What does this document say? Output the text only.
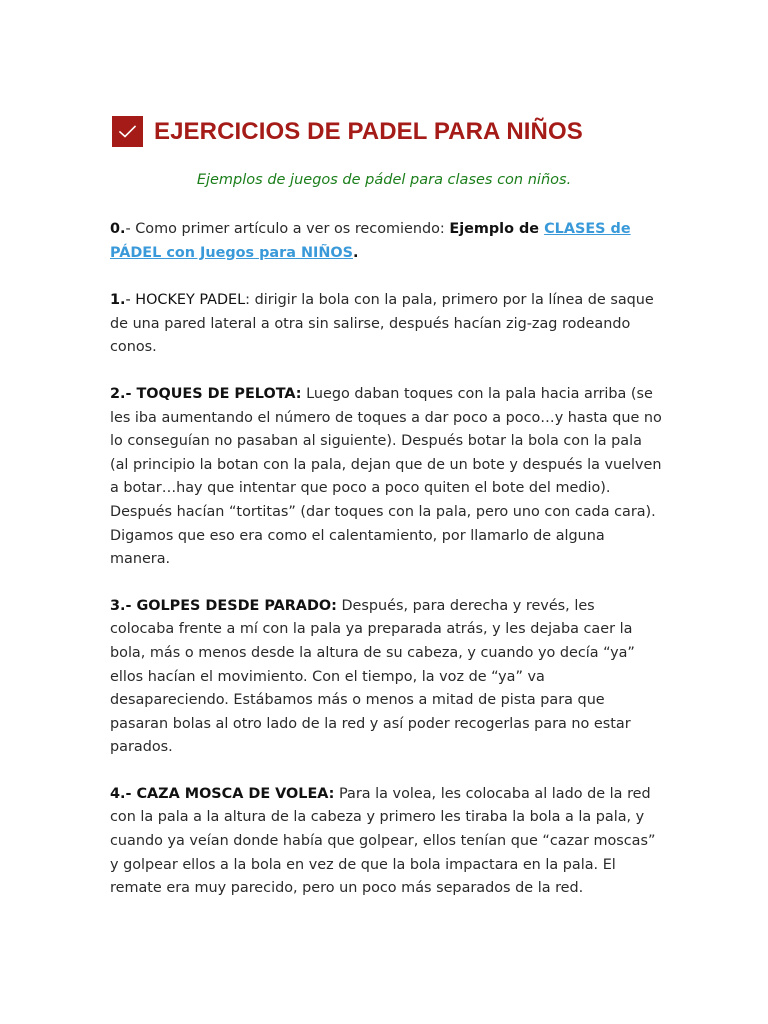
EJERCICIOS DE PADEL PARA NIÑOS
Ejemplos de juegos de pádel para clases con niños.

0.- Como primer artículo a ver os recomiendo: Ejemplo de CLASES de PÁDEL con Juegos para NIÑOS.

1.- HOCKEY PADEL: dirigir la bola con la pala, primero por la línea de saque de una pared lateral a otra sin salirse, después hacían zig-zag rodeando conos.

2.- TOQUES DE PELOTA: Luego daban toques con la pala hacia arriba (se les iba aumentando el número de toques a dar poco a poco…y hasta que no lo conseguían no pasaban al siguiente). Después botar la bola con la pala (al principio la botan con la pala, dejan que de un bote y después la vuelven a botar…hay que intentar que poco a poco quiten el bote del medio). Después hacían “tortitas” (dar toques con la pala, pero uno con cada cara). Digamos que eso era como el calentamiento, por llamarlo de alguna manera.

3.- GOLPES DESDE PARADO: Después, para derecha y revés, les colocaba frente a mí con la pala ya preparada atrás, y les dejaba caer la bola, más o menos desde la altura de su cabeza, y cuando yo decía “ya” ellos hacían el movimiento. Con el tiempo, la voz de “ya” va desapareciendo. Estábamos más o menos a mitad de pista para que pasaran bolas al otro lado de la red y así poder recogerlas para no estar parados.

4.- CAZA MOSCA DE VOLEA: Para la volea, les colocaba al lado de la red con la pala a la altura de la cabeza y primero les tiraba la bola a la pala, y cuando ya veían donde había que golpear, ellos tenían que “cazar moscas” y golpear ellos a la bola en vez de que la bola impactara en la pala. El remate era muy parecido, pero un poco más separados de la red.
